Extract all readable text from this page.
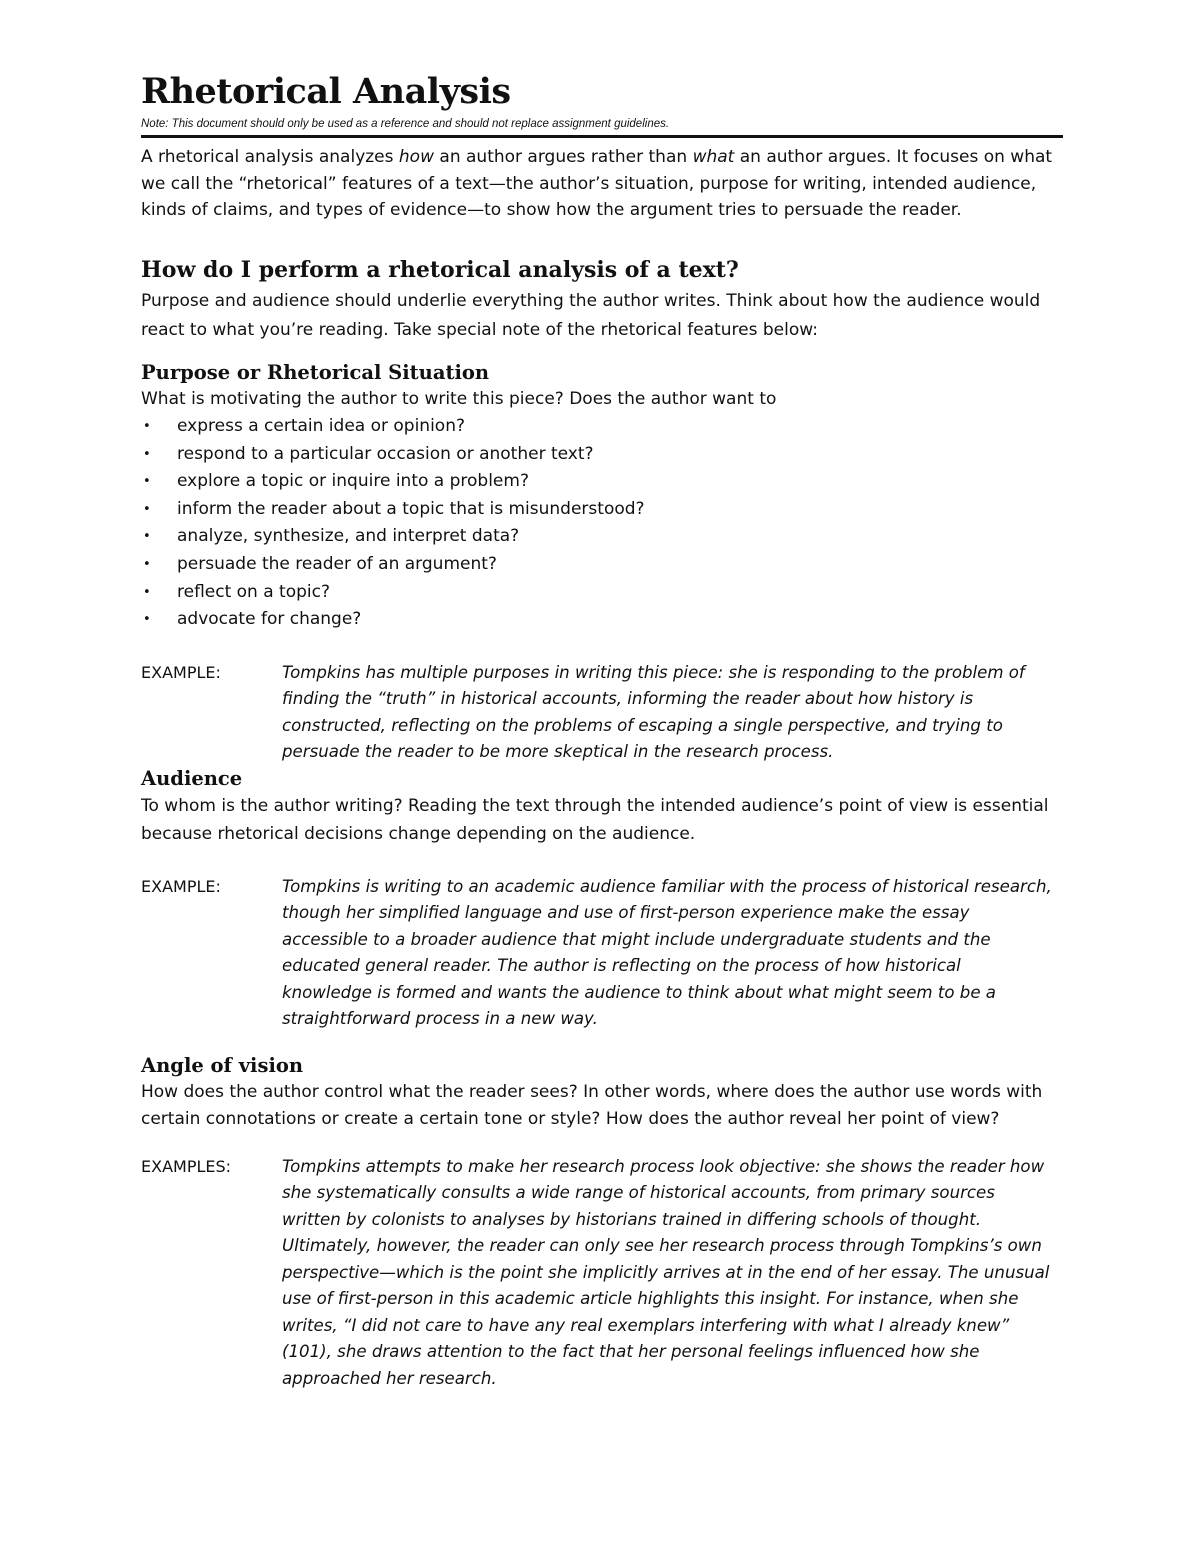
Rhetorical Analysis

Note: This document should only be used as a reference and should not replace assignment guidelines.

A rhetorical analysis analyzes how an author argues rather than what an author argues. It focuses on what we call the “rhetorical” features of a text—the author’s situation, purpose for writing, intended audience, kinds of claims, and types of evidence—to show how the argument tries to persuade the reader.

How do I perform a rhetorical analysis of a text?

Purpose and audience should underlie everything the author writes. Think about how the audience would react to what you’re reading. Take special note of the rhetorical features below:

Purpose or Rhetorical Situation

What is motivating the author to write this piece? Does the author want to

• express a certain idea or opinion?
• respond to a particular occasion or another text?
• explore a topic or inquire into a problem?
• inform the reader about a topic that is misunderstood?
• analyze, synthesize, and interpret data?
• persuade the reader of an argument?
• reflect on a topic?
• advocate for change?
EXAMPLE:	Tompkins has multiple purposes in writing this piece: she is responding to the problem of finding the “truth” in historical accounts, informing the reader about how history is constructed, reflecting on the problems of escaping a single perspective, and trying to persuade the reader to be more skeptical in the research process.
Audience

To whom is the author writing? Reading the text through the intended audience’s point of view is essential because rhetorical decisions change depending on the audience.

EXAMPLE:	Tompkins is writing to an academic audience familiar with the process of historical research, though her simplified language and use of first-person experience make the essay accessible to a broader audience that might include undergraduate students and the educated general reader. The author is reflecting on the process of how historical knowledge is formed and wants the audience to think about what might seem to be a straightforward process in a new way.
Angle of vision

How does the author control what the reader sees? In other words, where does the author use words with certain connotations or create a certain tone or style? How does the author reveal her point of view?

EXAMPLES:	Tompkins attempts to make her research process look objective: she shows the reader how she systematically consults a wide range of historical accounts, from primary sources written by colonists to analyses by historians trained in differing schools of thought. Ultimately, however, the reader can only see her research process through Tompkins’s own perspective—which is the point she implicitly arrives at in the end of her essay. The unusual use of first-person in this academic article highlights this insight. For instance, when she writes, “I did not care to have any real exemplars interfering with what I already knew” (101), she draws attention to the fact that her personal feelings influenced how she approached her research.
